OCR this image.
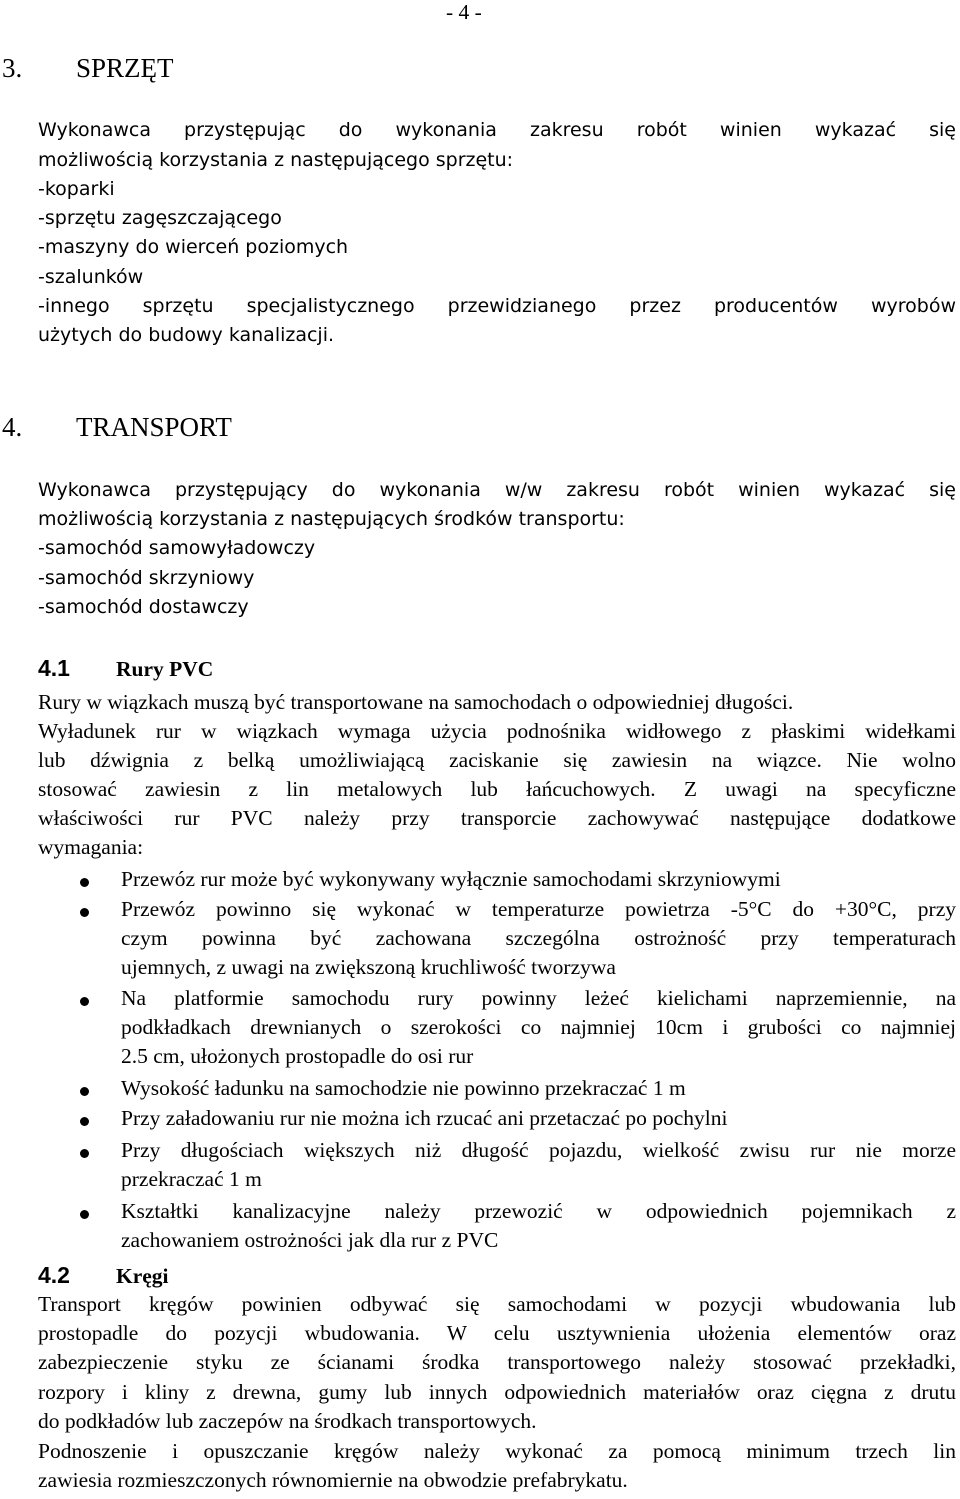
- 4 -
3. SPRZĘT
Wykonawca przystępując do wykonania zakresu robót winien wykazać się
możliwością korzystania z następującego sprzętu:
-koparki
-sprzętu zagęszczającego
-maszyny do wierceń poziomych
-szalunków
-innego sprzętu specjalistycznego przewidzianego przez producentów wyrobów
użytych do budowy kanalizacji.
4. TRANSPORT
Wykonawca przystępujący do wykonania w/w zakresu robót winien wykazać się
możliwością korzystania z następujących środków transportu:
-samochód samowyładowczy
-samochód skrzyniowy
-samochód dostawczy
4.1 Rury PVC
Rury w wiązkach muszą być transportowane na samochodach o odpowiedniej długości.
Wyładunek rur w wiązkach wymaga użycia podnośnika widłowego z płaskimi widełkami
lub dźwignia z belką umożliwiającą zaciskanie się zawiesin na wiązce. Nie wolno
stosować zawiesin z lin metalowych lub łańcuchowych. Z uwagi na specyficzne
właściwości rur PVC należy przy transporcie zachowywać następujące dodatkowe
wymagania:
Przewóz rur może być wykonywany wyłącznie samochodami skrzyniowymi
Przewóz powinno się wykonać w temperaturze powietrza -5°C do +30°C, przy
czym powinna być zachowana szczególna ostrożność przy temperaturach
ujemnych, z uwagi na zwiększoną kruchliwość tworzywa
Na platformie samochodu rury powinny leżeć kielichami naprzemiennie, na
podkładkach drewnianych o szerokości co najmniej 10cm i grubości co najmniej
2.5 cm, ułożonych prostopadle do osi rur
Wysokość ładunku na samochodzie nie powinno przekraczać 1 m
Przy załadowaniu rur nie można ich rzucać ani przetaczać po pochylni
Przy długościach większych niż długość pojazdu, wielkość zwisu rur nie morze
przekraczać 1 m
Kształtki kanalizacyjne należy przewozić w odpowiednich pojemnikach z
zachowaniem ostrożności jak dla rur z PVC
4.2 Kręgi
Transport kręgów powinien odbywać się samochodami w pozycji wbudowania lub
prostopadle do pozycji wbudowania. W celu usztywnienia ułożenia elementów oraz
zabezpieczenie styku ze ścianami środka transportowego należy stosować przekładki,
rozpory i kliny z drewna, gumy lub innych odpowiednich materiałów oraz cięgna z drutu
do podkładów lub zaczepów na środkach transportowych.
Podnoszenie i opuszczanie kręgów należy wykonać za pomocą minimum trzech lin
zawiesia rozmieszczonych równomiernie na obwodzie prefabrykatu.
